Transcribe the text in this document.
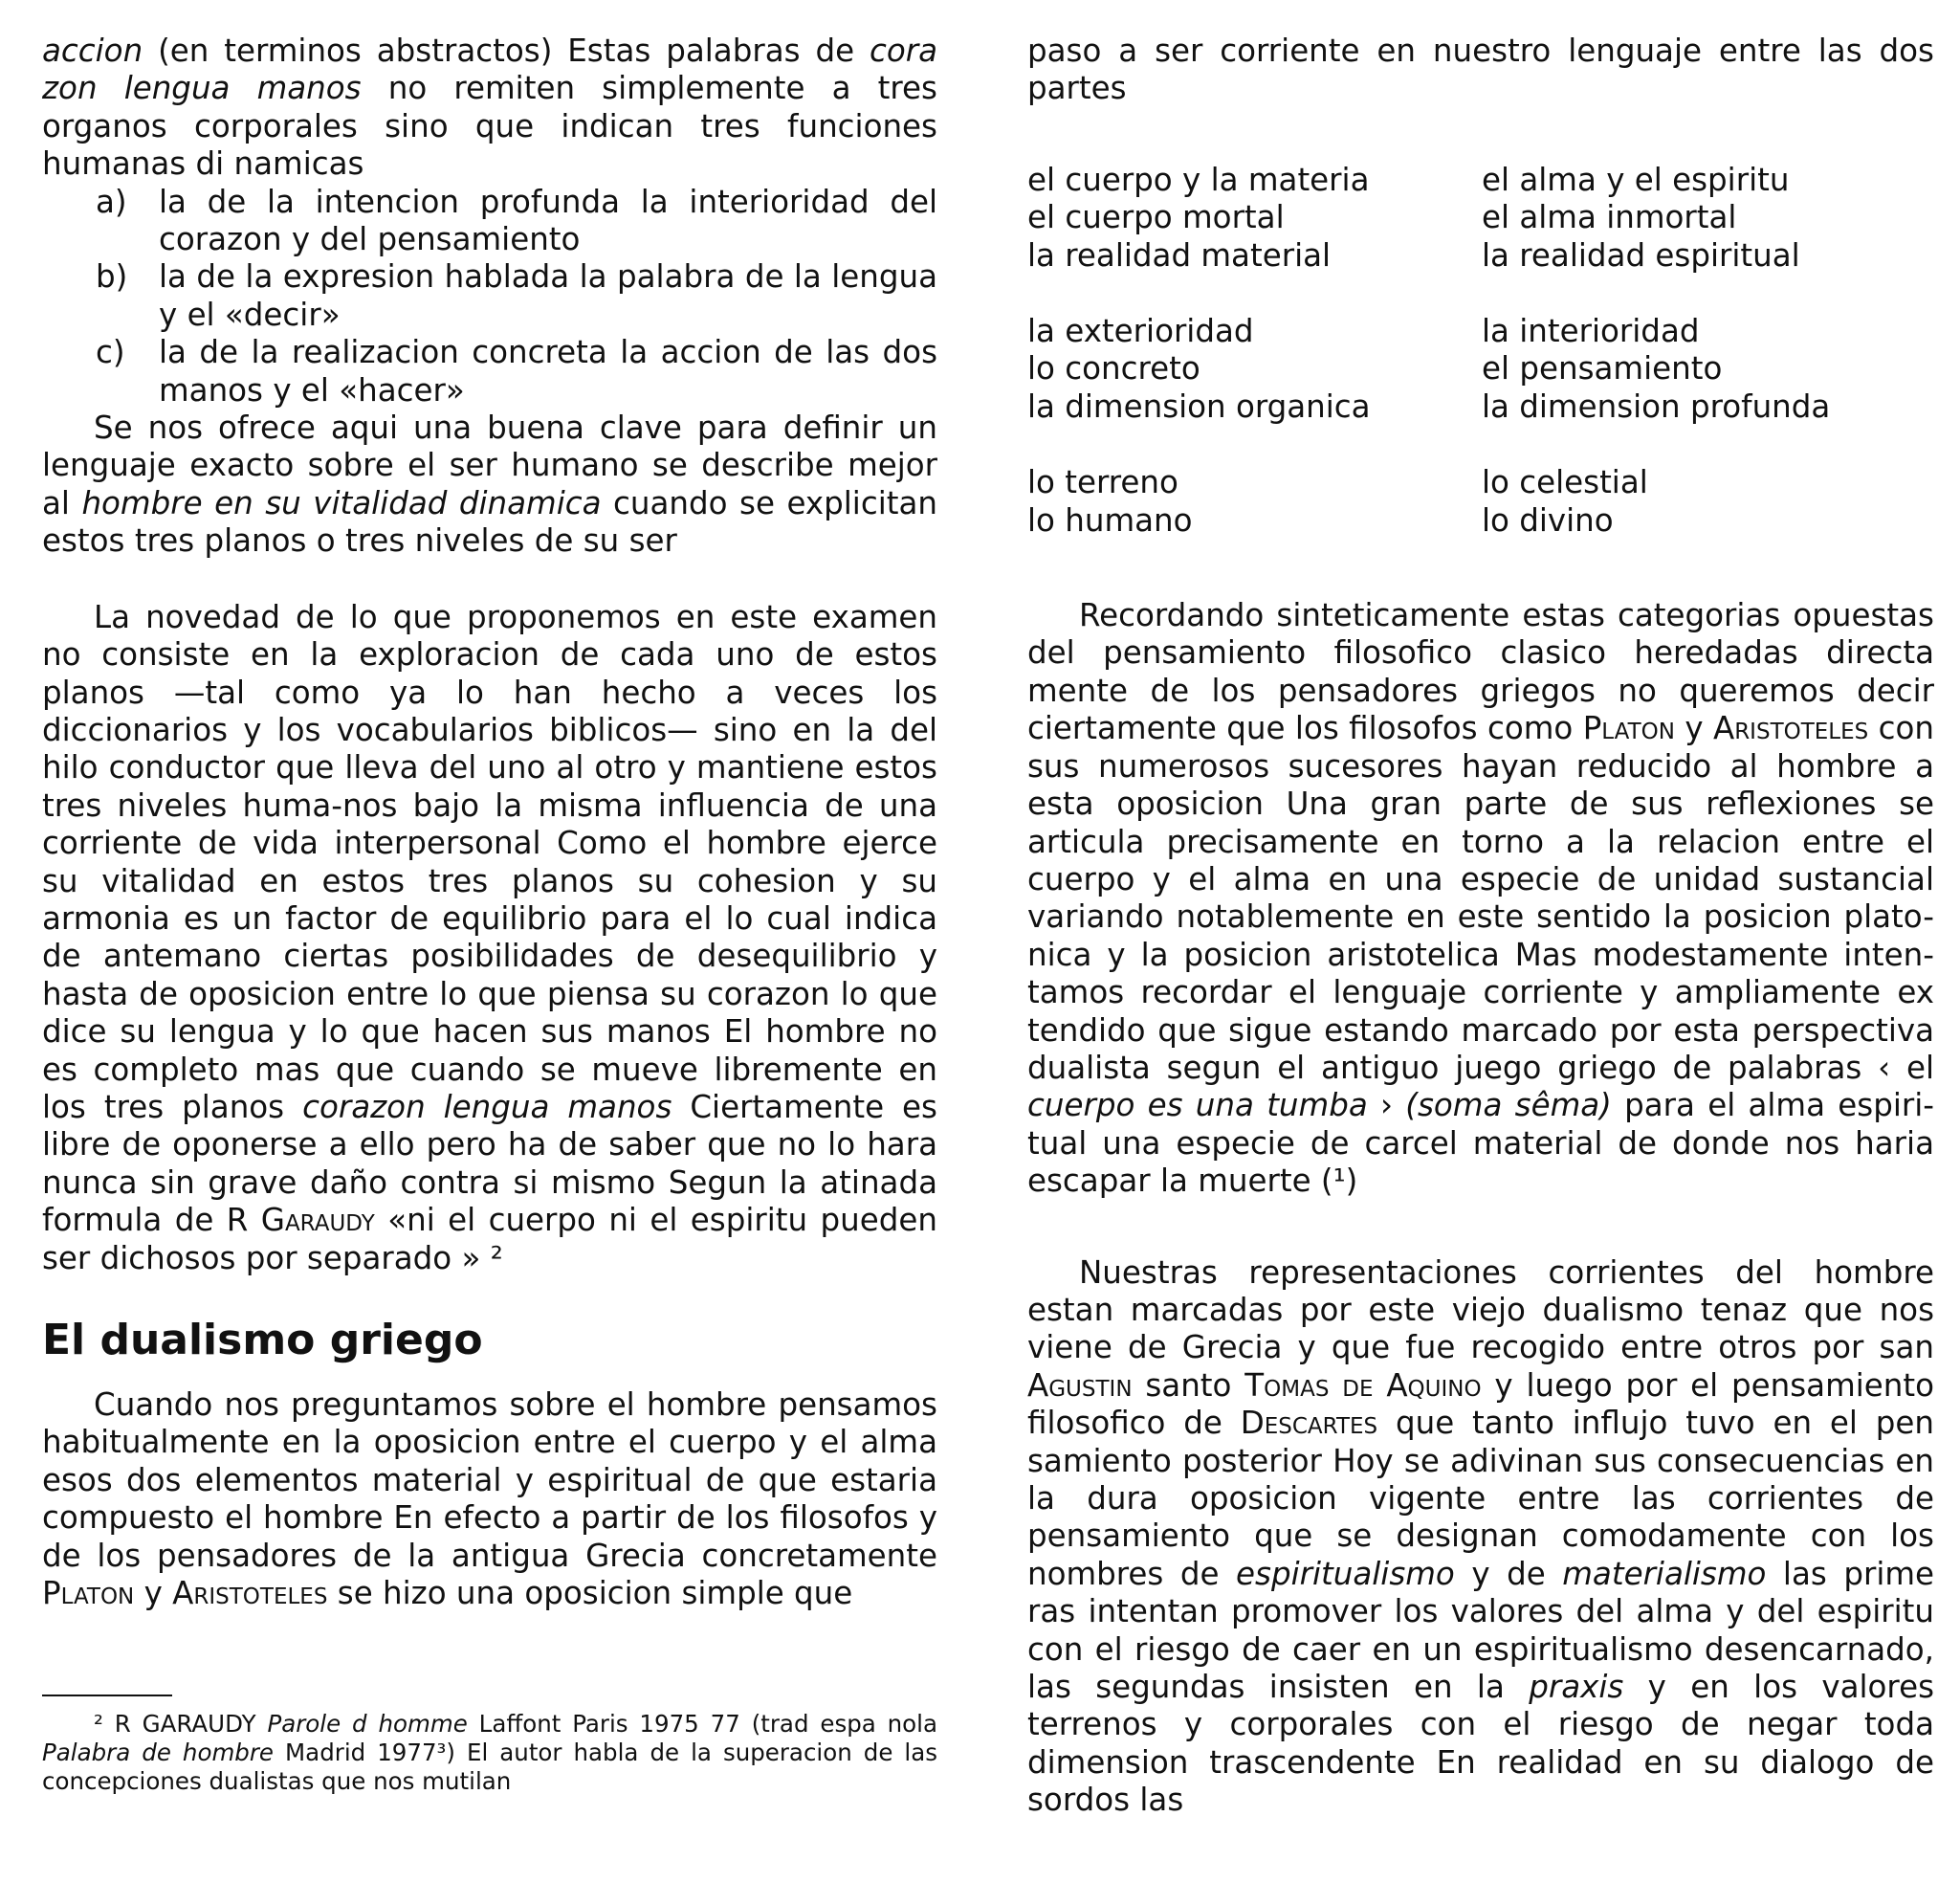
accion (en terminos abstractos) Estas palabras de cora zon lengua manos no remiten simplemente a tres organos corporales sino que indican tres funciones humanas di namicas

a) la de la intencion profunda la interioridad del corazon y del pensamiento
b) la de la expresion hablada la palabra de la lengua y el «decir»
c) la de la realizacion concreta la accion de las dos manos y el «hacer»

Se nos ofrece aqui una buena clave para definir un lenguaje exacto sobre el ser humano se describe mejor al hombre en su vitalidad dinamica cuando se explicitan estos tres planos o tres niveles de su ser

La novedad de lo que proponemos en este examen no consiste en la exploracion de cada uno de estos planos —tal como ya lo han hecho a veces los diccionarios y los vocabularios biblicos— sino en la del hilo conductor que lleva del uno al otro y mantiene estos tres niveles huma-nos bajo la misma influencia de una corriente de vida interpersonal Como el hombre ejerce su vitalidad en estos tres planos su cohesion y su armonia es un factor de equilibrio para el lo cual indica de antemano ciertas posibilidades de desequilibrio y hasta de oposicion entre lo que piensa su corazon lo que dice su lengua y lo que hacen sus manos El hombre no es completo mas que cuando se mueve libremente en los tres planos corazon lengua manos Ciertamente es libre de oponerse a ello pero ha de saber que no lo hara nunca sin grave daño contra si mismo Segun la atinada formula de R Garaudy «ni el cuerpo ni el espiritu pueden ser dichosos por separado » ²

El dualismo griego

Cuando nos preguntamos sobre el hombre pensamos habitualmente en la oposicion entre el cuerpo y el alma esos dos elementos material y espiritual de que estaria compuesto el hombre En efecto a partir de los filosofos y de los pensadores de la antigua Grecia concretamente Platon y Aristoteles se hizo una oposicion simple que

² R GARAUDY Parole d homme Laffont Paris 1975 77 (trad espa nola Palabra de hombre Madrid 1977³) El autor habla de la superacion de las concepciones dualistas que nos mutilan

paso a ser corriente en nuestro lenguaje entre las dos partes

el cuerpo y la materia	el alma y el espiritu
el cuerpo mortal	el alma inmortal
la realidad material	la realidad espiritual
la exterioridad	la interioridad
lo concreto	el pensamiento
la dimension organica	la dimension profunda
lo terreno	lo celestial
lo humano	lo divino

Recordando sinteticamente estas categorias opuestas del pensamiento filosofico clasico heredadas directa mente de los pensadores griegos no queremos decir ciertamente que los filosofos como Platon y Aristoteles con sus numerosos sucesores hayan reducido al hombre a esta oposicion Una gran parte de sus reflexiones se articula precisamente en torno a la relacion entre el cuerpo y el alma en una especie de unidad sustancial variando notablemente en este sentido la posicion plato-nica y la posicion aristotelica Mas modestamente inten-tamos recordar el lenguaje corriente y ampliamente ex tendido que sigue estando marcado por esta perspectiva dualista segun el antiguo juego griego de palabras ‹ el cuerpo es una tumba › (soma sêma) para el alma espiri-tual una especie de carcel material de donde nos haria escapar la muerte (¹)

Nuestras representaciones corrientes del hombre estan marcadas por este viejo dualismo tenaz que nos viene de Grecia y que fue recogido entre otros por san Agustin santo Tomas de Aquino y luego por el pensamiento filosofico de Descartes que tanto influjo tuvo en el pen samiento posterior Hoy se adivinan sus consecuencias en la dura oposicion vigente entre las corrientes de pensamiento que se designan comodamente con los nombres de espiritualismo y de materialismo las prime ras intentan promover los valores del alma y del espiritu con el riesgo de caer en un espiritualismo desencarnado, las segundas insisten en la praxis y en los valores terrenos y corporales con el riesgo de negar toda dimension trascendente En realidad en su dialogo de sordos las
